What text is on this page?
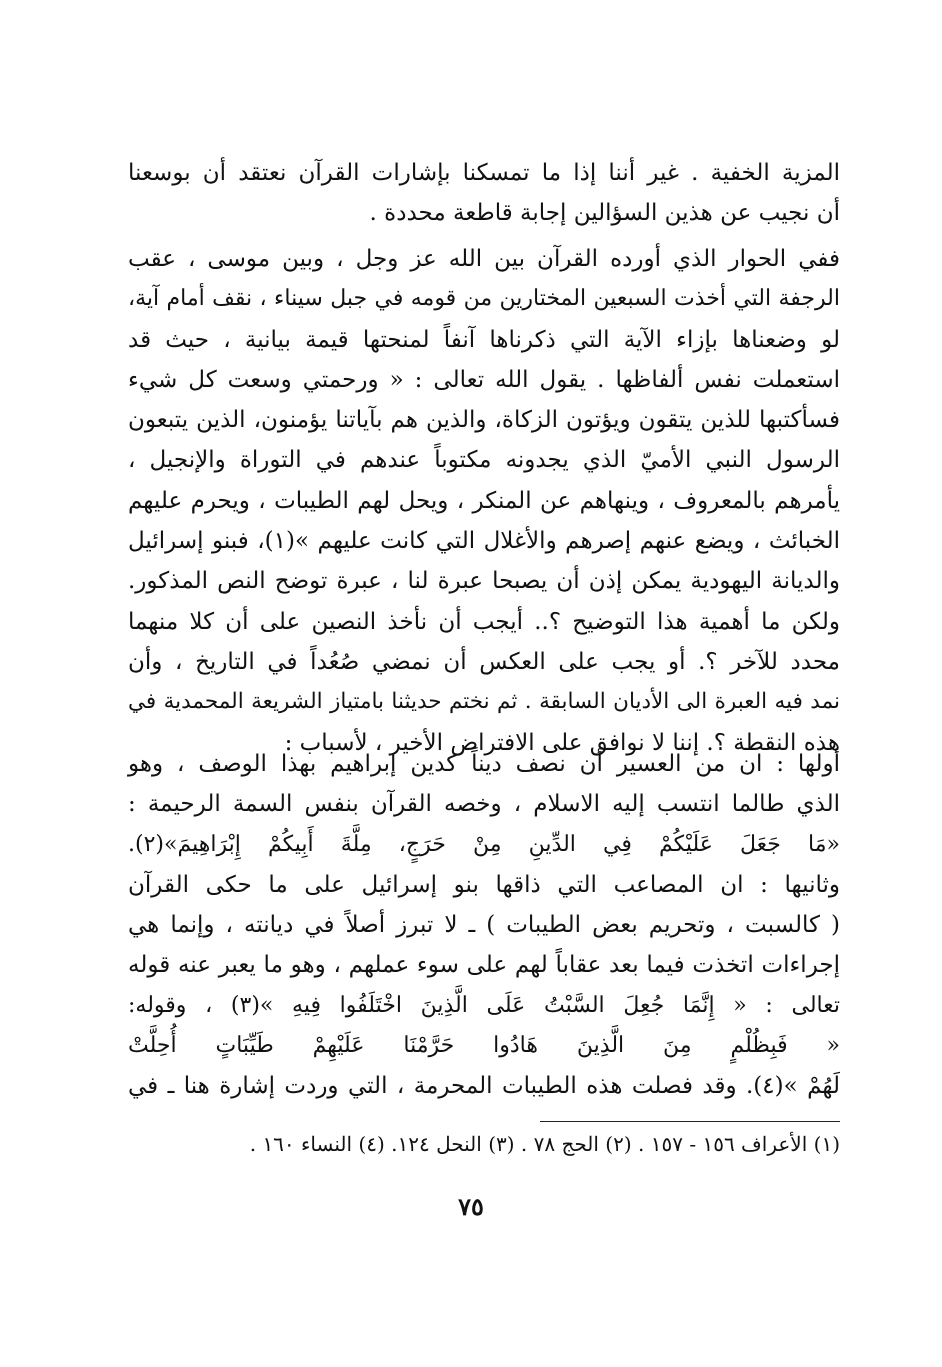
المزية الخفية . غير أننا إذا ما تمسكنا بإشارات القرآن نعتقد أن بوسعنا
أن نجيب عن هذين السؤالين إجابة قاطعة محددة .
ففي الحوار الذي أورده القرآن بين الله عز وجل ، وبين موسى ، عقب
الرجفة التي أخذت السبعين المختارين من قومه في جبل سيناء ، نقف أمام آية،
لو وضعناها بإزاء الآية التي ذكرناها آنفاً لمنحتها قيمة بيانية ، حيث قد
استعملت نفس ألفاظها . يقول الله تعالى : « ورحمتي وسعت كل شيء
فسأكتبها للذين يتقون ويؤتون الزكاة، والذين هم بآياتنا يؤمنون، الذين يتبعون
الرسول النبي الأميّ الذي يجدونه مكتوباً عندهم في التوراة والإنجيل ،
يأمرهم بالمعروف ، وينهاهم عن المنكر ، ويحل لهم الطيبات ، ويحرم عليهم
الخبائث ، ويضع عنهم إصرهم والأغلال التي كانت عليهم »(١)، فبنو إسرائيل
والديانة اليهودية يمكن إذن أن يصبحا عبرة لنا ، عبرة توضح النص المذكور.
ولكن ما أهمية هذا التوضيح ؟.. أيجب أن نأخذ النصين على أن كلا منهما
محدد للآخر ؟. أو يجب على العكس أن نمضي صُعُداً في التاريخ ، وأن
نمد فيه العبرة الى الأديان السابقة . ثم نختم حديثنا بامتياز الشريعة المحمدية في
هذه النقطة ؟. إننا لا نوافق على الافتراض الأخير ، لأسباب :
أولها : ان من العسير أن نصف ديناً كدين إبراهيم بهذا الوصف ، وهو
الذي طالما انتسب إليه الاسلام ، وخصه القرآن بنفس السمة الرحيمة :
«مَا جَعَلَ عَلَيْكُمْ فِي الدِّينِ مِنْ حَرَجٍ، مِلَّةَ أَبِيكُمْ إِبْرَاهِيمَ»(٢).
وثانيها : ان المصاعب التي ذاقها بنو إسرائيل على ما حكى القرآن
( كالسبت ، وتحريم بعض الطيبات ) ـ لا تبرز أصلاً في ديانته ، وإنما هي
إجراءات اتخذت فيما بعد عقاباً لهم على سوء عملهم ، وهو ما يعبر عنه قوله
تعالى : « إِنَّمَا جُعِلَ السَّبْتُ عَلَى الَّذِينَ اخْتَلَفُوا فِيهِ »(٣) ، وقوله:
« فَبِظُلْمٍ مِنَ الَّذِينَ هَادُوا حَرَّمْنَا عَلَيْهِمْ طَيِّبَاتٍ أُحِلَّتْ
لَهُمْ »(٤). وقد فصلت هذه الطيبات المحرمة ، التي وردت إشارة هنا ـ في
(١) الأعراف ١٥٦ - ١٥٧ . (٢) الحج ٧٨ . (٣) النحل ١٢٤. (٤) النساء ١٦٠ .
٧٥
